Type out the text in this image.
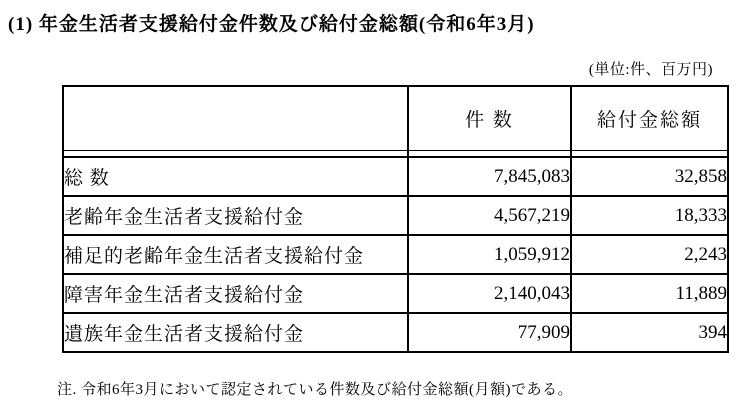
(1) 年金生活者支援給付金件数及び給付金総額(令和6年3月)
(単位:件、百万円)
	件 数	給付金総額

総 数	7,845,083	32,858
老齢年金生活者支援給付金	4,567,219	18,333
補足的老齢年金生活者支援給付金	1,059,912	2,243
障害年金生活者支援給付金	2,140,043	11,889
遺族年金生活者支援給付金	77,909	394
注. 令和6年3月において認定されている件数及び給付金総額(月額)である。
